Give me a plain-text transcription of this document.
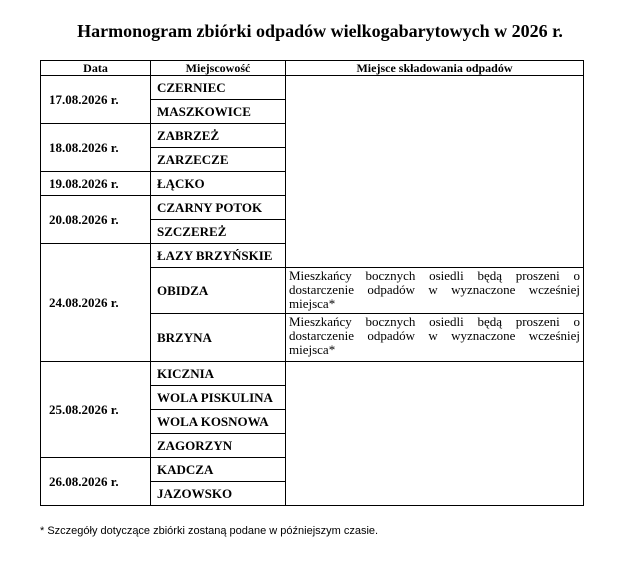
Harmonogram zbiórki odpadów wielkogabarytowych w 2026 r.
Data	Miejscowość	Miejsce składowania odpadów
17.08.2026 r.	CZERNIEC	
	MASZKOWICE	
18.08.2026 r.	ZABRZEŻ	
	ZARZECZE	
19.08.2026 r.	ŁĄCKO	
20.08.2026 r.	CZARNY POTOK	
	SZCZEREŻ	
24.08.2026 r.	ŁAZY BRZYŃSKIE	
	OBIDZA	Mieszkańcy bocznych osiedli będą proszeni o dostarczenie odpadów w wyznaczone wcześniej miejsca*
	BRZYNA	Mieszkańcy bocznych osiedli będą proszeni o dostarczenie odpadów w wyznaczone wcześniej miejsca*
25.08.2026 r.	KICZNIA	
	WOLA PISKULINA	
	WOLA KOSNOWA	
	ZAGORZYN	
26.08.2026 r.	KADCZA	
	JAZOWSKO	
* Szczegóły dotyczące zbiórki zostaną podane w późniejszym czasie.
